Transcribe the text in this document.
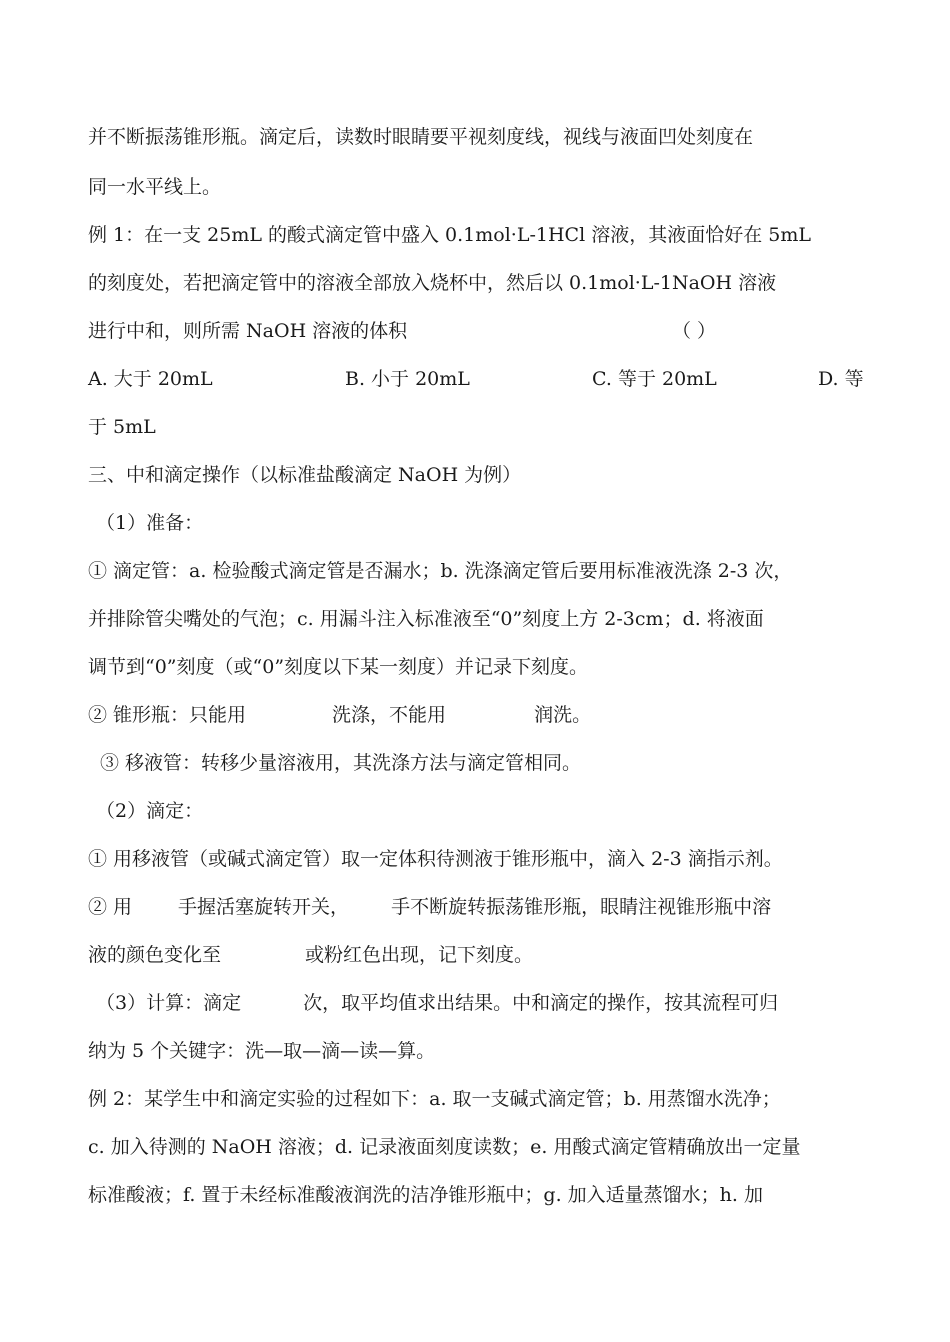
并不断振荡锥形瓶。滴定后，读数时眼睛要平视刻度线，视线与液面凹处刻度在
同一水平线上。
例 1：在一支 25mL 的酸式滴定管中盛入 0.1mol·L-1HCl 溶液，其液面恰好在 5mL
的刻度处，若把滴定管中的溶液全部放入烧杯中，然后以 0.1mol·L-1NaOH 溶液
进行中和，则所需 NaOH 溶液的体积	（ ）
A. 大于 20mL	B. 小于 20mL	C. 等于 20mL	D. 等
于 5mL
三、中和滴定操作（以标准盐酸滴定 NaOH 为例）
（1）准备：
① 滴定管：a. 检验酸式滴定管是否漏水；b. 洗涤滴定管后要用标准液洗涤 2-3 次，
并排除管尖嘴处的气泡；c. 用漏斗注入标准液至“0”刻度上方 2-3cm；d. 将液面
调节到“0”刻度（或“0”刻度以下某一刻度）并记录下刻度。
② 锥形瓶：只能用	洗涤，不能用	润洗。
③ 移液管：转移少量溶液用，其洗涤方法与滴定管相同。
（2）滴定：
① 用移液管（或碱式滴定管）取一定体积待测液于锥形瓶中，滴入 2-3 滴指示剂。
② 用 手握活塞旋转开关， 手不断旋转振荡锥形瓶，眼睛注视锥形瓶中溶
液的颜色变化至	或粉红色出现，记下刻度。
（3）计算：滴定	次，取平均值求出结果。中和滴定的操作，按其流程可归
纳为 5 个关键字：洗—取—滴—读—算。
例 2：某学生中和滴定实验的过程如下：a. 取一支碱式滴定管；b. 用蒸馏水洗净；
c. 加入待测的 NaOH 溶液；d. 记录液面刻度读数；e. 用酸式滴定管精确放出一定量
标准酸液；f. 置于未经标准酸液润洗的洁净锥形瓶中；g. 加入适量蒸馏水；h. 加
